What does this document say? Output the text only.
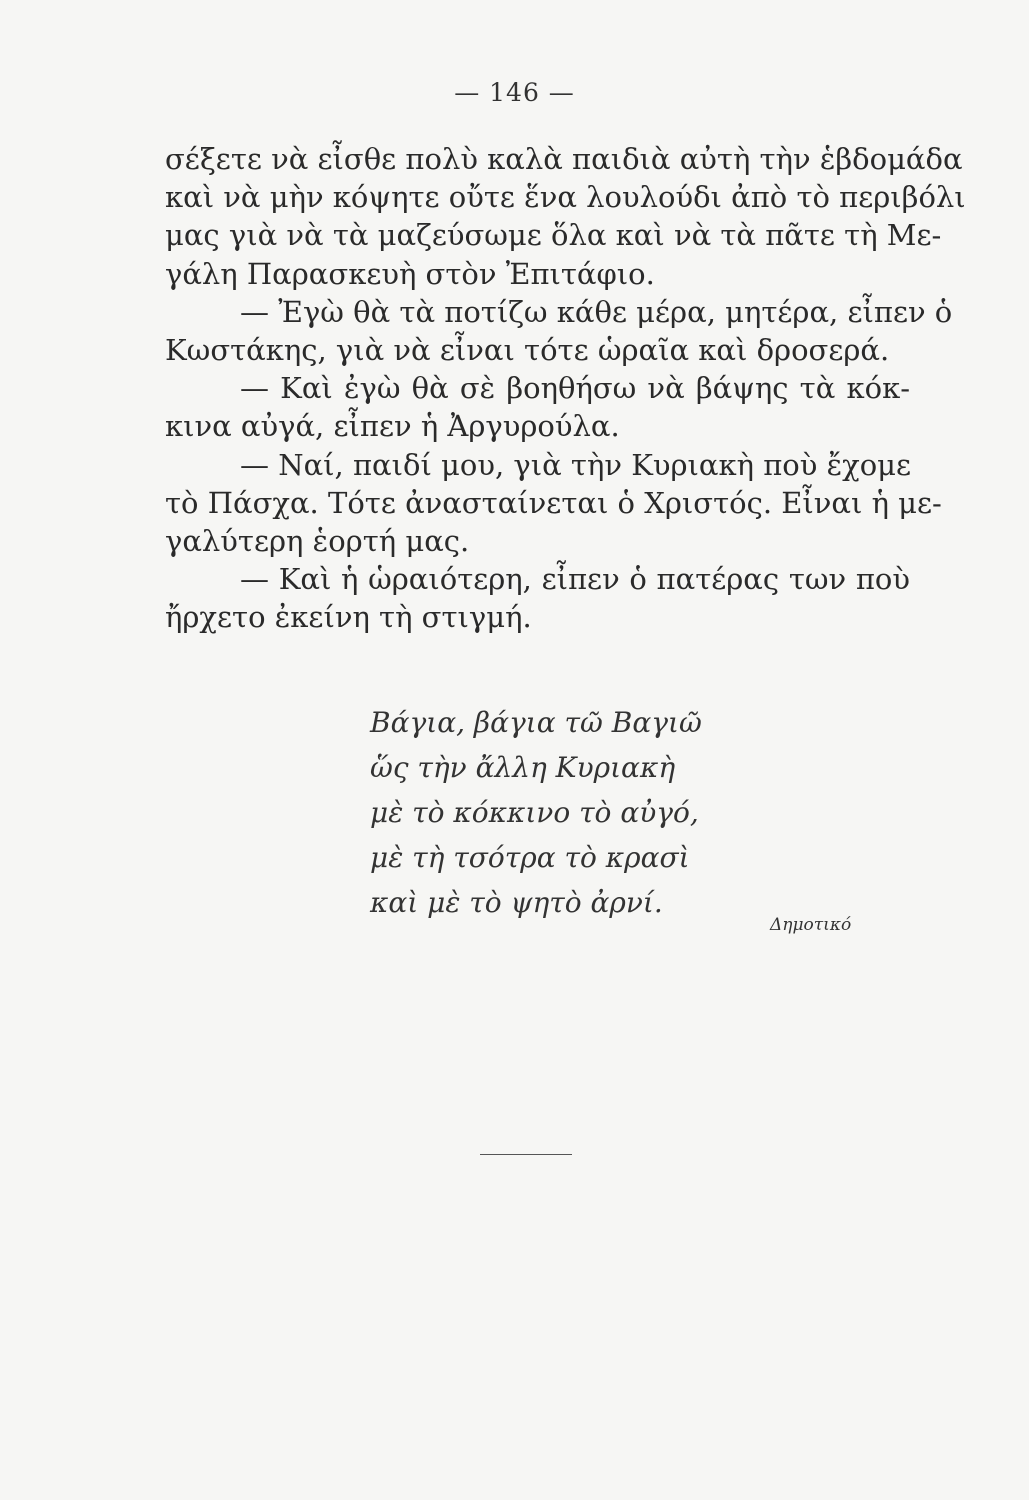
— 146 —
σέξετε νὰ εἶσθε πολὺ καλὰ παιδιὰ αὐτὴ τὴν ἑβδομάδα
καὶ νὰ μὴν κόψητε οὔτε ἕνα λουλούδι ἀπὸ τὸ περιβόλι
μας γιὰ νὰ τὰ μαζεύσωμε ὅλα καὶ νὰ τὰ πᾶτε τὴ Με-
γάλη Παρασκευὴ στὸν Ἐπιτάφιο.
— Ἐγὼ θὰ τὰ ποτίζω κάθε μέρα, μητέρα, εἶπεν ὁ
Κωστάκης, γιὰ νὰ εἶναι τότε ὡραῖα καὶ δροσερά.
— Καὶ ἐγὼ θὰ σὲ βοηθήσω νὰ βάψης τὰ κόκ-
κινα αὐγά, εἶπεν ἡ Ἀργυρούλα.
— Ναί, παιδί μου, γιὰ τὴν Κυριακὴ ποὺ ἔχομε
τὸ Πάσχα. Τότε ἀνασταίνεται ὁ Χριστός. Εἶναι ἡ με-
γαλύτερη ἑορτή μας.
— Καὶ ἡ ὡραιότερη, εἶπεν ὁ πατέρας των ποὺ
ἤρχετο ἐκείνη τὴ στιγμή.
Βάγια, βάγια τῶ Βαγιῶ
ὥς τὴν ἄλλη Κυριακὴ
μὲ τὸ κόκκινο τὸ αὐγό,
μὲ τὴ τσότρα τὸ κρασὶ
καὶ μὲ τὸ ψητὸ ἀρνί.
Δημοτικό
